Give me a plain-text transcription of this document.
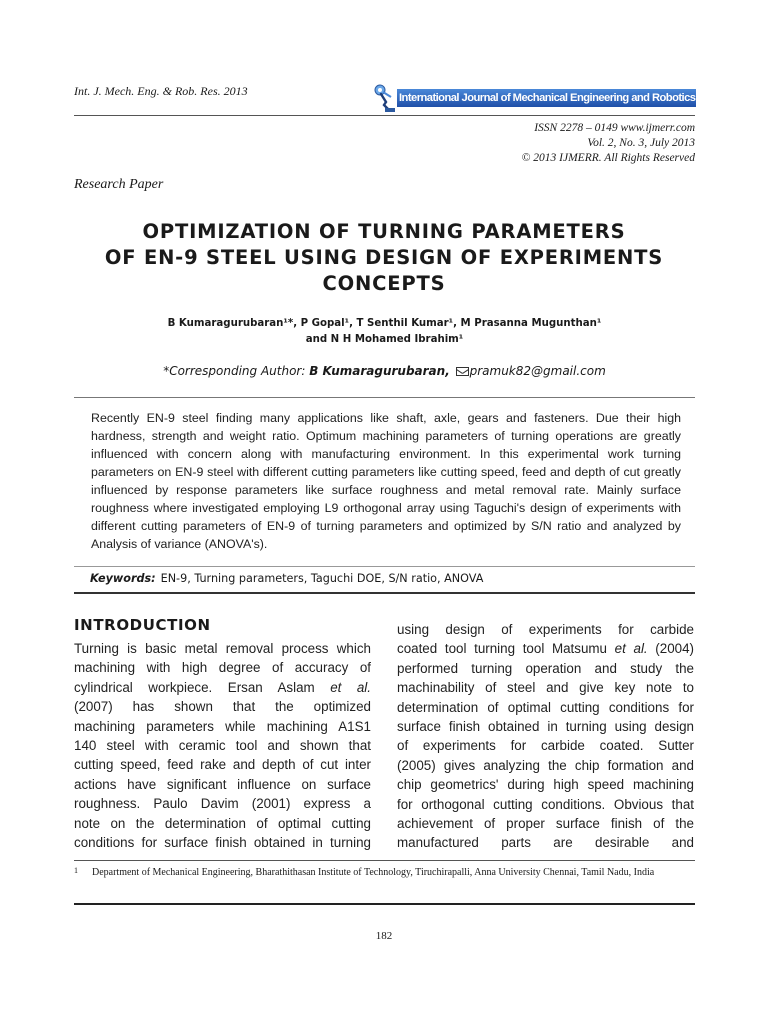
Int. J. Mech. Eng. & Rob. Res. 2013	International Journal of Mechanical Engineering and Robotics Research
ISSN 2278 – 0149 www.ijmerr.com
Vol. 2, No. 3, July 2013
© 2013 IJMERR. All Rights Reserved
Research Paper
OPTIMIZATION OF TURNING PARAMETERS
OF EN-9 STEEL USING DESIGN OF EXPERIMENTS
CONCEPTS
B Kumaragurubaran¹*, P Gopal¹, T Senthil Kumar¹, M Prasanna Mugunthan¹
and N H Mohamed Ibrahim¹
*Corresponding Author: B Kumaragurubaran, pramuk82@gmail.com
Recently EN-9 steel finding many applications like shaft, axle, gears and fasteners. Due their high hardness, strength and weight ratio. Optimum machining parameters of turning operations are greatly influenced with concern along with manufacturing environment. In this experimental work turning parameters on EN-9 steel with different cutting parameters like cutting speed, feed and depth of cut greatly influenced by response parameters like surface roughness and metal removal rate. Mainly surface roughness where investigated employing L9 orthogonal array using Taguchi's design of experiments with different cutting parameters of EN-9 of turning parameters and optimized by S/N ratio and analyzed by Analysis of variance (ANOVA's).
Keywords: EN-9, Turning parameters, Taguchi DOE, S/N ratio, ANOVA
INTRODUCTION
Turning is basic metal removal process which
machining with high degree of accuracy of
cylindrical workpiece. Ersan Aslam et al.
(2007) has shown that the optimized
machining parameters while machining A1S1
140 steel with ceramic tool and shown that
cutting speed, feed rake and depth of cut inter
actions have significant influence on surface
roughness. Paulo Davim (2001) express a
note on the determination of optimal cutting
conditions for surface finish obtained in turning
using design of experiments for carbide
coated tool turning tool Matsumu et al. (2004)
performed turning operation and study the
machinability of steel and give key note to
determination of optimal cutting conditions for
surface finish obtained in turning using design
of experiments for carbide coated. Sutter
(2005) gives analyzing the chip formation and
chip geometrics' during high speed machining
for orthogonal cutting conditions. Obvious that
achievement of proper surface finish of the
manufactured parts are desirable and
1 Department of Mechanical Engineering, Bharathithasan Institute of Technology, Tiruchirapalli, Anna University Chennai, Tamil Nadu, India
182
